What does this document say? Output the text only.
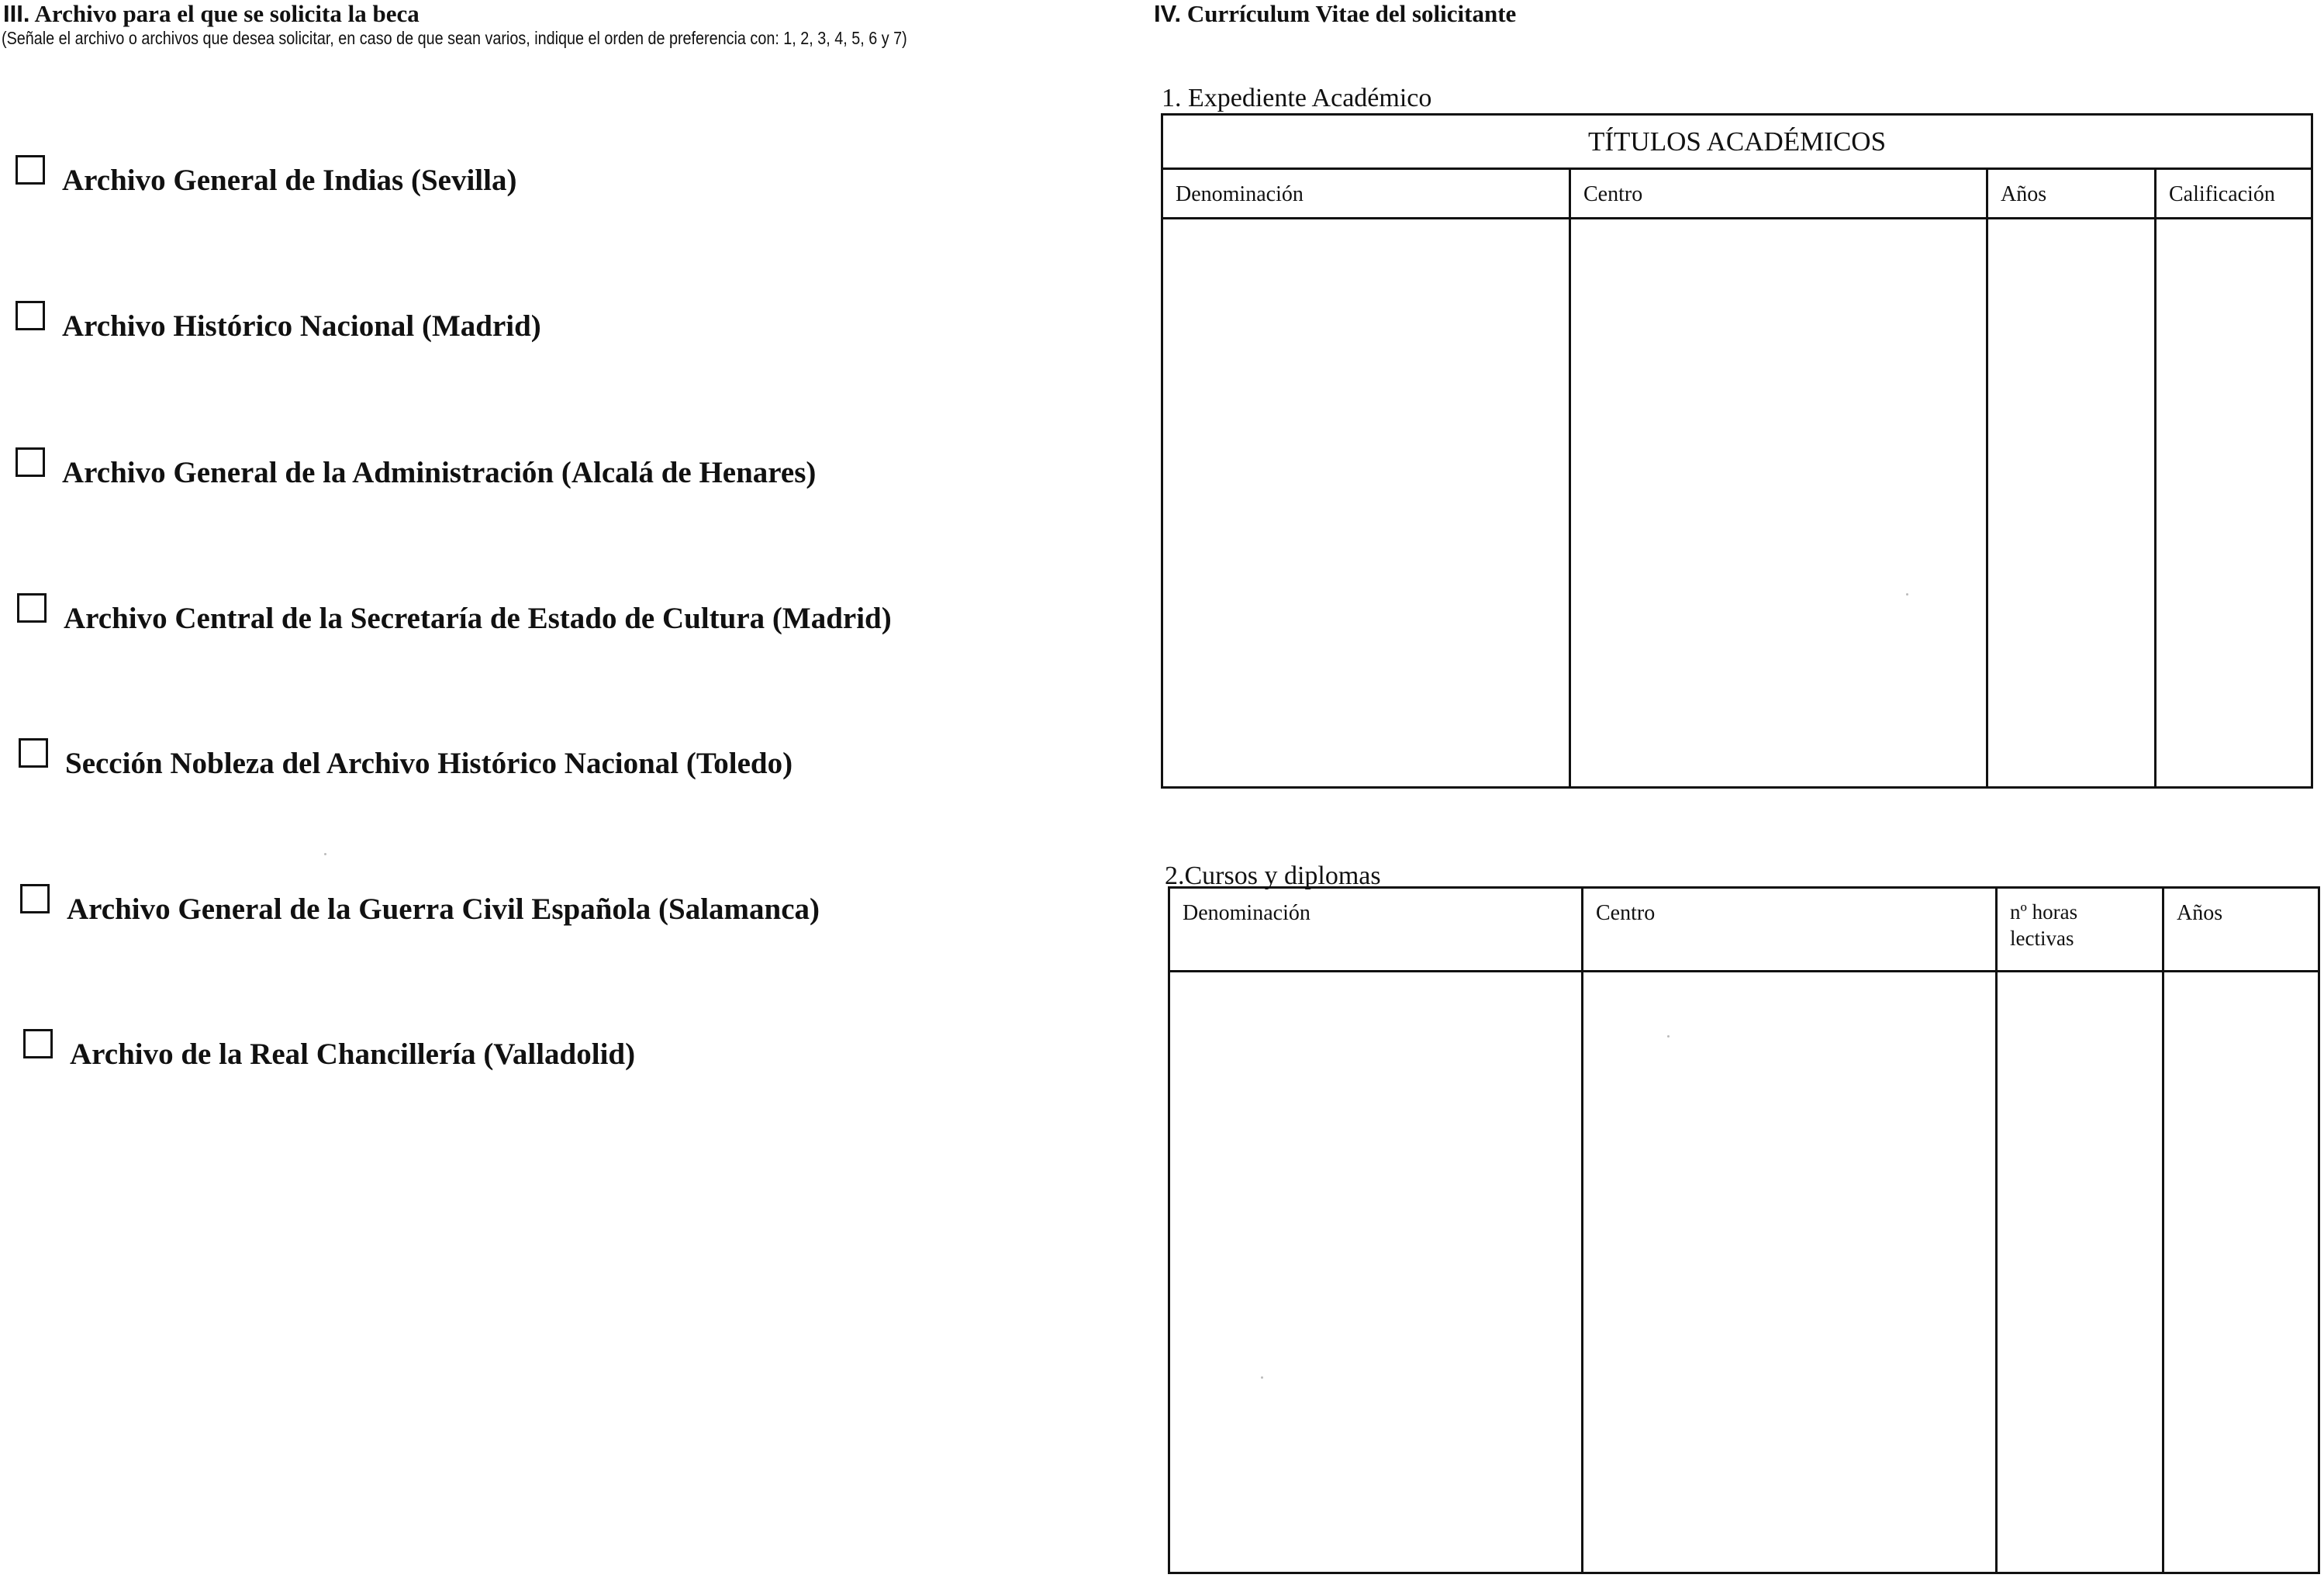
III. Archivo para el que se solicita la beca
(Señale el archivo o archivos que desea solicitar, en caso de que sean varios, indique el orden de preferencia con: 1, 2, 3, 4, 5, 6 y 7)
Archivo General de Indias (Sevilla)
Archivo Histórico Nacional (Madrid)
Archivo General de la Administración (Alcalá de Henares)
Archivo Central de la Secretaría de Estado de Cultura (Madrid)
Sección Nobleza del Archivo Histórico Nacional (Toledo)
Archivo General de la Guerra Civil Española (Salamanca)
Archivo de la Real Chancillería (Valladolid)
IV. Currículum Vitae del solicitante
1. Expediente Académico
TÍTULOS ACADÉMICOS			
Denominación	Centro	Años	Calificación

2.Cursos y diplomas
Denominación	Centro	nº horas
lectivas	Años
